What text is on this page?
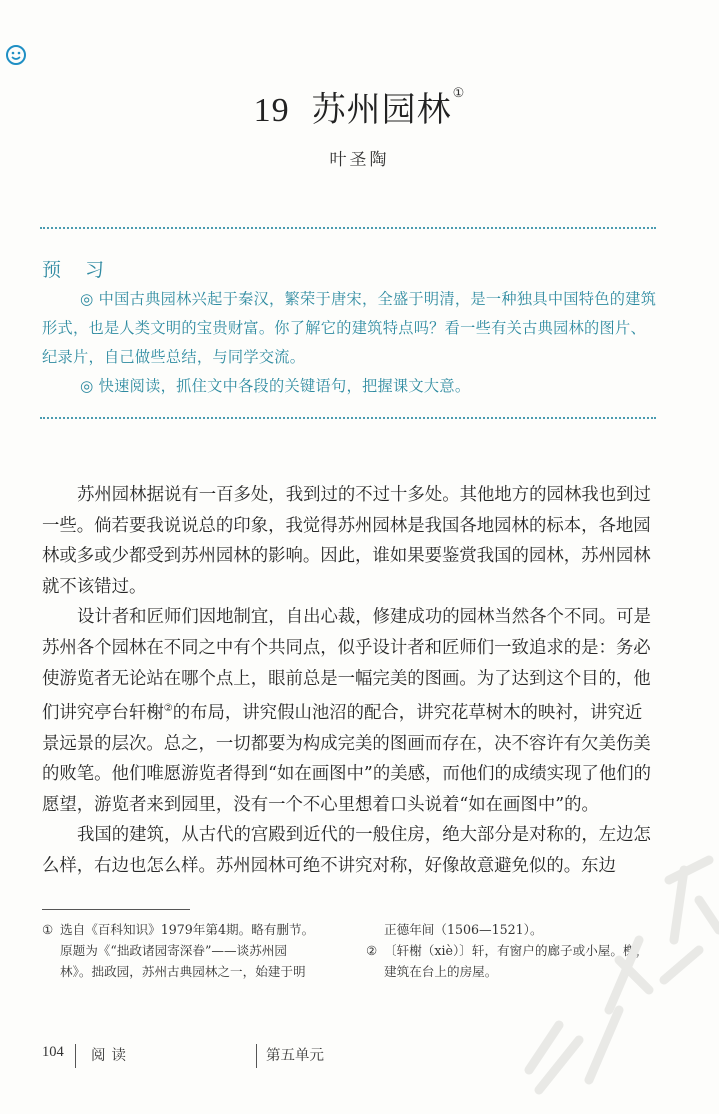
19 苏州园林①
叶圣陶
预 习

◎ 中国古典园林兴起于秦汉，繁荣于唐宋，全盛于明清，是一种独具中国特色的建筑形式，也是人类文明的宝贵财富。你了解它的建筑特点吗？看一些有关古典园林的图片、纪录片，自己做些总结，与同学交流。

◎ 快速阅读，抓住文中各段的关键语句，把握课文大意。

苏州园林据说有一百多处，我到过的不过十多处。其他地方的园林我也到过一些。倘若要我说说总的印象，我觉得苏州园林是我国各地园林的标本，各地园林或多或少都受到苏州园林的影响。因此，谁如果要鉴赏我国的园林，苏州园林就不该错过。

设计者和匠师们因地制宜，自出心裁，修建成功的园林当然各个不同。可是苏州各个园林在不同之中有个共同点，似乎设计者和匠师们一致追求的是：务必使游览者无论站在哪个点上，眼前总是一幅完美的图画。为了达到这个目的，他们讲究亭台轩榭②的布局，讲究假山池沼的配合，讲究花草树木的映衬，讲究近景远景的层次。总之，一切都要为构成完美的图画而存在，决不容许有欠美伤美的败笔。他们唯愿游览者得到“如在画图中”的美感，而他们的成绩实现了他们的愿望，游览者来到园里，没有一个不心里想着口头说着“如在画图中”的。

我国的建筑，从古代的宫殿到近代的一般住房，绝大部分是对称的，左边怎么样，右边也怎么样。苏州园林可绝不讲究对称，好像故意避免似的。东边

① 选自《百科知识》1979年第4期。略有删节。
原题为《“拙政诸园寄深眷”——谈苏州园
林》。拙政园，苏州古典园林之一，始建于明
正德年间（1506—1521）。
② 〔轩榭（xiè）〕轩，有窗户的廊子或小屋。榭，
建筑在台上的房屋。
104 阅读	第五单元
